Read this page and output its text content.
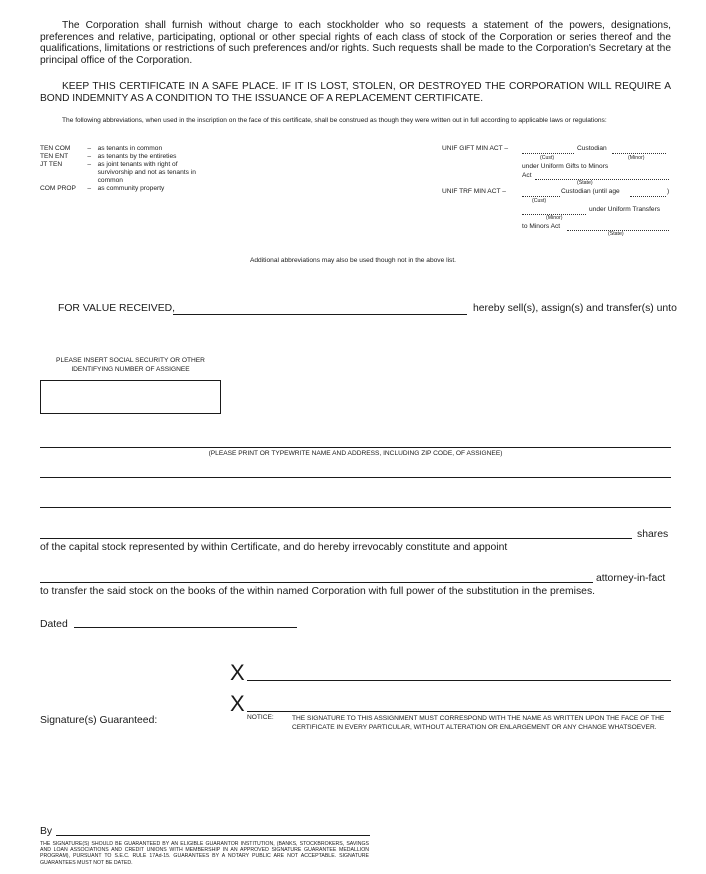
The Corporation shall furnish without charge to each stockholder who so requests a statement of the powers, designations, preferences and relative, participating, optional or other special rights of each class of stock of the Corporation or series thereof and the qualifications, limitations or restrictions of such preferences and/or rights. Such requests shall be made to the Corporation's Secretary at the principal office of the Corporation.
KEEP THIS CERTIFICATE IN A SAFE PLACE. IF IT IS LOST, STOLEN, OR DESTROYED THE CORPORATION WILL REQUIRE A BOND INDEMNITY AS A CONDITION TO THE ISSUANCE OF A REPLACEMENT CERTIFICATE.
The following abbreviations, when used in the inscription on the face of this certificate, shall be construed as though they were written out in full according to applicable laws or regulations:
TEN COM	–	as tenants in common
TEN ENT	–	as tenants by the entireties
JT TEN	–	as joint tenants with right of survivorship and not as tenants in common
COM PROP	–	as community property
UNIF GIFT MIN ACT –	Custodian
(Cust)	(Minor)
under Uniform Gifts to Minors
Act
(State)
UNIF TRF MIN ACT –	Custodian (until age	)
(Cust)
under Uniform Transfers
(Minor)
to Minors Act
(State)
Additional abbreviations may also be used though not in the above list.
FOR VALUE RECEIVED,	hereby sell(s), assign(s) and transfer(s) unto
PLEASE INSERT SOCIAL SECURITY OR OTHER
IDENTIFYING NUMBER OF ASSIGNEE
(PLEASE PRINT OR TYPEWRITE NAME AND ADDRESS, INCLUDING ZIP CODE, OF ASSIGNEE)
shares
of the capital stock represented by within Certificate, and do hereby irrevocably constitute and appoint
attorney-in-fact
to transfer the said stock on the books of the within named Corporation with full power of the substitution in the premises.
Dated
X
X
Signature(s) Guaranteed:	NOTICE:	THE SIGNATURE TO THIS ASSIGNMENT MUST CORRESPOND WITH THE NAME AS WRITTEN UPON THE FACE OF THE CERTIFICATE IN EVERY PARTICULAR, WITHOUT ALTERATION OR ENLARGEMENT OR ANY CHANGE WHATSOEVER.
By
THE SIGNATURE(S) SHOULD BE GUARANTEED BY AN ELIGIBLE GUARANTOR INSTITUTION, (BANKS, STOCKBROKERS, SAVINGS AND LOAN ASSOCIATIONS AND CREDIT UNIONS WITH MEMBERSHIP IN AN APPROVED SIGNATURE GUARANTEE MEDALLION PROGRAM), PURSUANT TO S.E.C. RULE 17Ad-15. GUARANTEES BY A NOTARY PUBLIC ARE NOT ACCEPTABLE. SIGNATURE GUARANTEES MUST NOT BE DATED.
